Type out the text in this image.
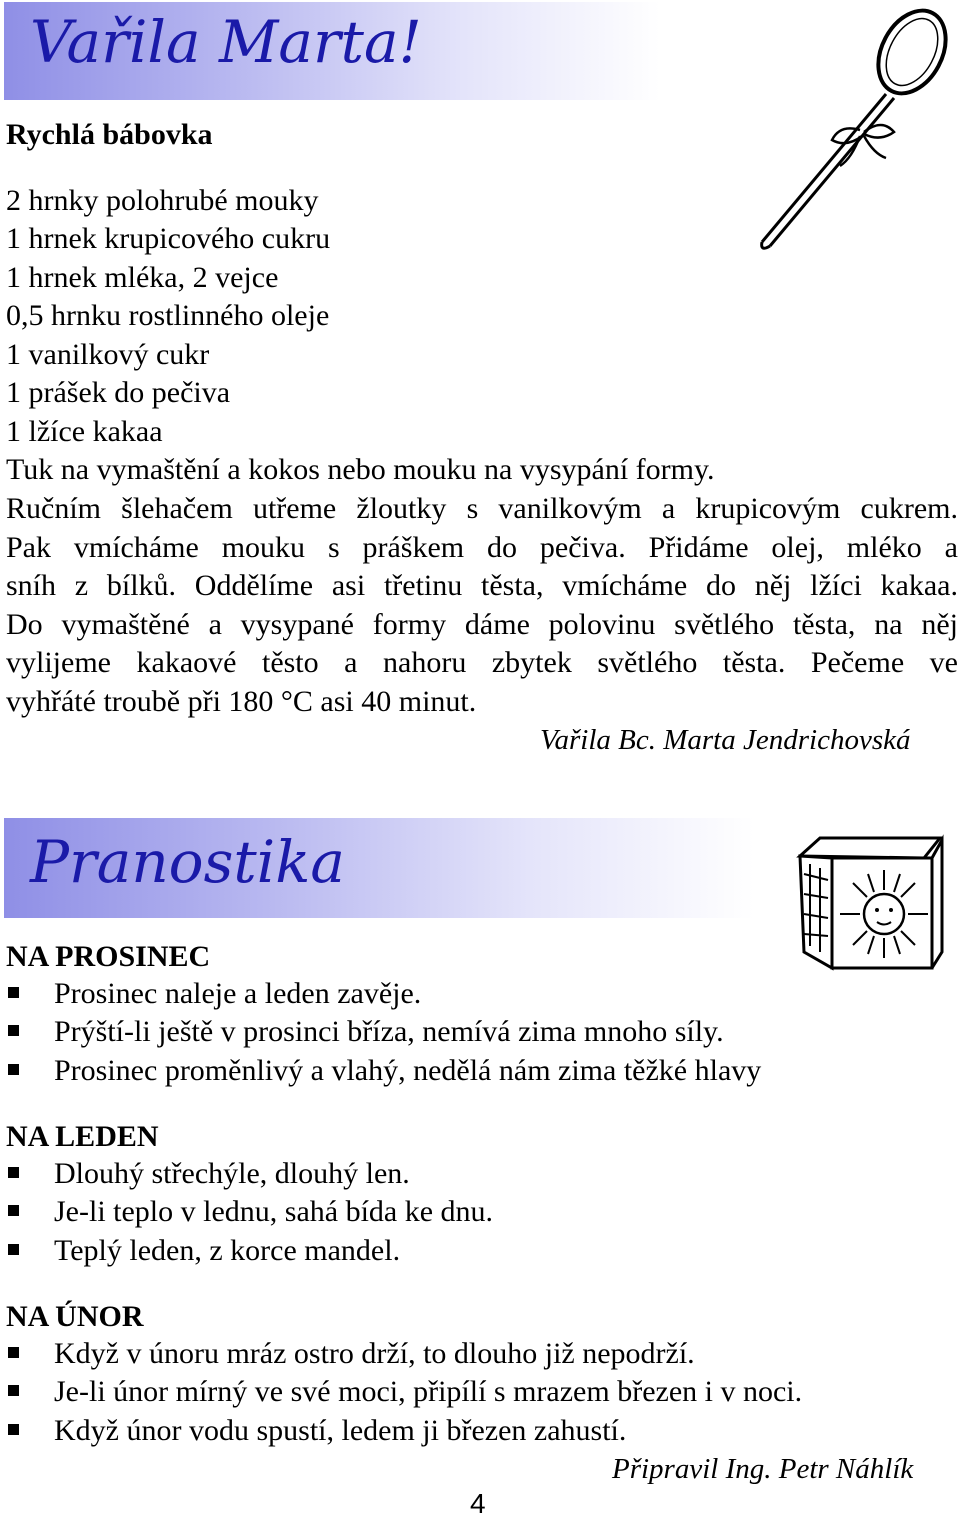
Vařila Marta!
Rychlá bábovka
2 hrnky polohrubé mouky
1 hrnek krupicového cukru
1 hrnek mléka, 2 vejce
0,5 hrnku rostlinného oleje
1 vanilkový cukr
1 prášek do pečiva
1 lžíce kakaa
Tuk na vymaštění a kokos nebo mouku na vysypání formy.
Ručním šlehačem utřeme žloutky s vanilkovým a krupicovým cukrem.
Pak vmícháme mouku s práškem do pečiva. Přidáme olej, mléko a
sníh z bílků. Oddělíme asi třetinu těsta, vmícháme do něj lžíci kakaa.
Do vymaštěné a vysypané formy dáme polovinu světlého těsta, na něj
vylijeme kakaové těsto a nahoru zbytek světlého těsta. Pečeme ve
vyhřáté troubě při 180 °C asi 40 minut.
Vařila Bc. Marta Jendrichovská
Pranostika
NA PROSINEC
Prosinec naleje a leden zavěje.
Prýští-li ještě v prosinci bříza, nemívá zima mnoho síly.
Prosinec proměnlivý a vlahý, nedělá nám zima těžké hlavy
NA LEDEN
Dlouhý střechýle, dlouhý len.
Je-li teplo v lednu, sahá bída ke dnu.
Teplý leden, z korce mandel.
NA ÚNOR
Když v únoru mráz ostro drží, to dlouho již nepodrží.
Je-li únor mírný ve své moci, připílí s mrazem březen i v noci.
Když únor vodu spustí, ledem ji březen zahustí.
Připravil Ing. Petr Náhlík
4
